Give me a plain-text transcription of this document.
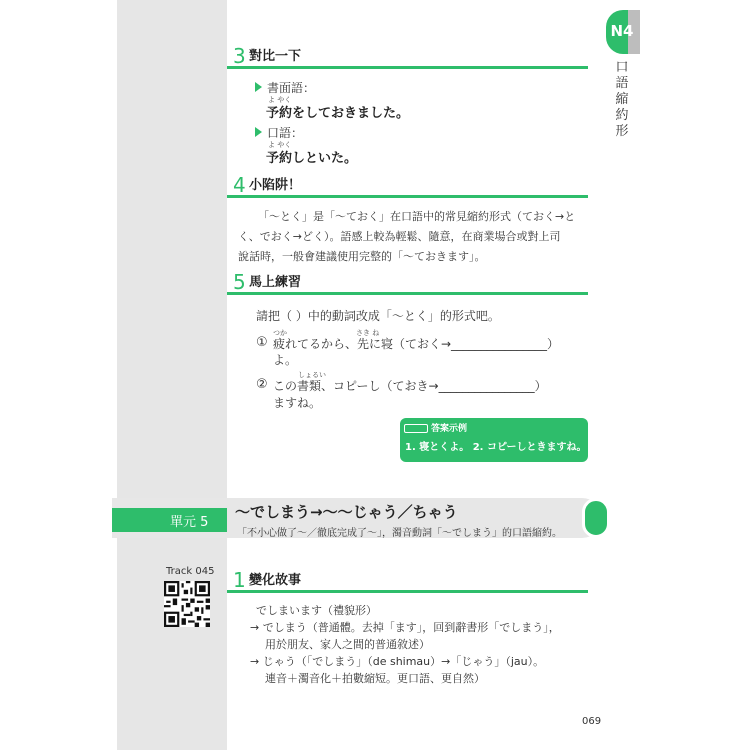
N4
口
語
縮
約
形
3 對比一下
書面語：
よ やく
予約をしておきました。
口語：
よ やく
予約しといた。
4 小陷阱！
「〜とく」是「〜ておく」在口語中的常見縮約形式（ておく→と
く、でおく→どく）。語感上較為輕鬆、隨意，在商業場合或對上司
說話時，一般會建議使用完整的「〜ておきます」。
5 馬上練習
請把（ ）中的動詞改成「〜とく」的形式吧。
①
つか	さき ね
疲れてるから、先に寝（ておく→________________）
よ。
②
しょるい
この書類、コピーし（ておき→________________）
ますね。
答案示例
1. 寝とくよ。 2. コピーしときますね。
單元 5
〜でしまう→〜〜じゃう／ちゃう
「不小心做了〜／徹底完成了〜」，濁音動詞「〜でしまう」的口語縮約。
Track 045 1 變化故事
でしまいます（禮貌形）
→ でしまう（普通體。去掉「ます」，回到辭書形「でしまう」，
用於朋友、家人之間的普通敘述）
→ じゃう（「でしまう」（de shimau）→「じゃう」（jau）。
連音＋濁音化＋拍數縮短。更口語、更自然）
069
